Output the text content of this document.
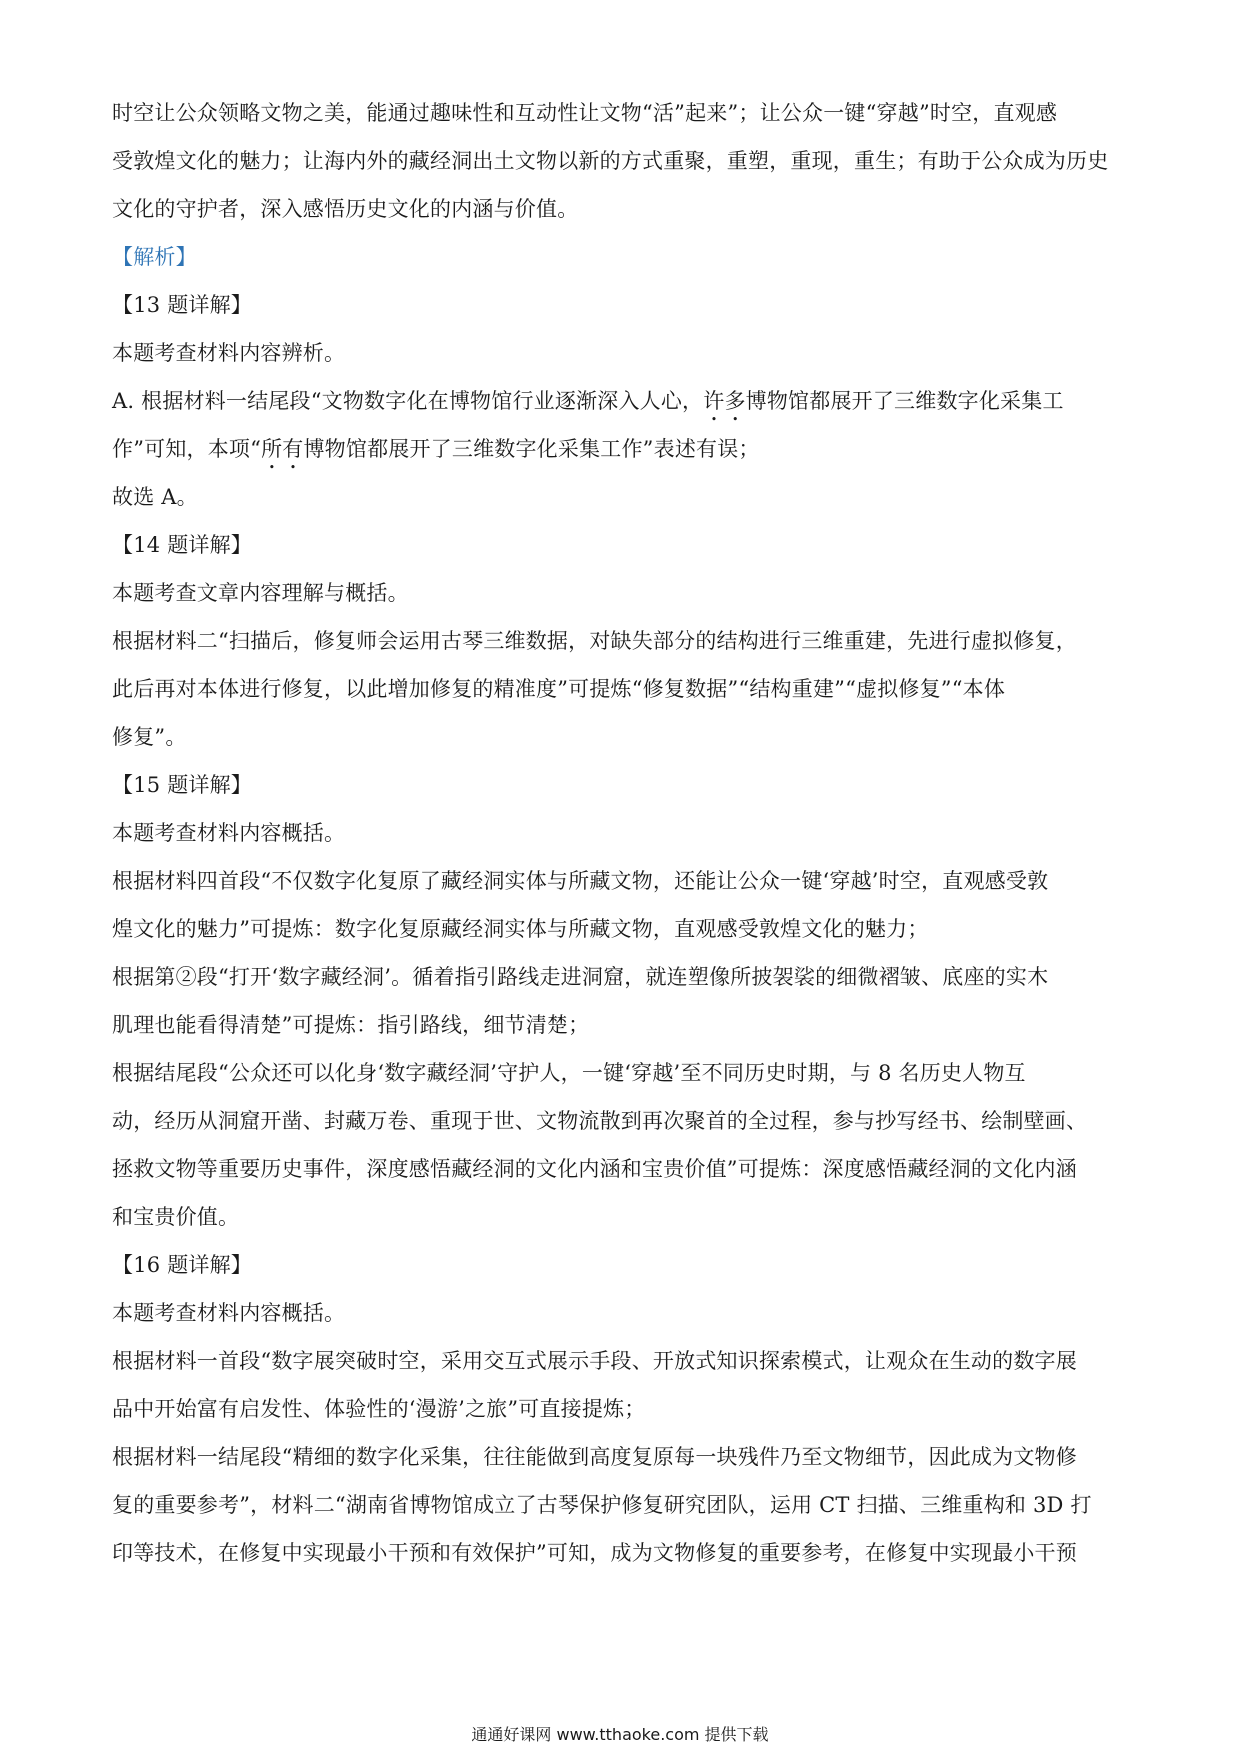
时空让公众领略文物之美，能通过趣味性和互动性让文物“活”起来”；让公众一键“穿越”时空，直观感
受敦煌文化的魅力；让海内外的藏经洞出土文物以新的方式重聚，重塑，重现，重生；有助于公众成为历史
文化的守护者，深入感悟历史文化的内涵与价值。
【解析】
【13 题详解】
本题考查材料内容辨析。
A. 根据材料一结尾段“文物数字化在博物馆行业逐渐深入人心，许多博物馆都展开了三维数字化采集工
作”可知，本项“所有博物馆都展开了三维数字化采集工作”表述有误；
故选 A。
【14 题详解】
本题考查文章内容理解与概括。
根据材料二“扫描后，修复师会运用古琴三维数据，对缺失部分的结构进行三维重建，先进行虚拟修复，
此后再对本体进行修复，以此增加修复的精准度”可提炼“修复数据”“结构重建”“虚拟修复”“本体
修复”。
【15 题详解】
本题考查材料内容概括。
根据材料四首段“不仅数字化复原了藏经洞实体与所藏文物，还能让公众一键‘穿越’时空，直观感受敦
煌文化的魅力”可提炼：数字化复原藏经洞实体与所藏文物，直观感受敦煌文化的魅力；
根据第②段“打开‘数字藏经洞’。循着指引路线走进洞窟，就连塑像所披袈裟的细微褶皱、底座的实木
肌理也能看得清楚”可提炼：指引路线，细节清楚；
根据结尾段“公众还可以化身‘数字藏经洞’守护人，一键‘穿越’至不同历史时期，与 8 名历史人物互
动，经历从洞窟开凿、封藏万卷、重现于世、文物流散到再次聚首的全过程，参与抄写经书、绘制壁画、
拯救文物等重要历史事件，深度感悟藏经洞的文化内涵和宝贵价值”可提炼：深度感悟藏经洞的文化内涵
和宝贵价值。
【16 题详解】
本题考查材料内容概括。
根据材料一首段“数字展突破时空，采用交互式展示手段、开放式知识探索模式，让观众在生动的数字展
品中开始富有启发性、体验性的‘漫游’之旅”可直接提炼；
根据材料一结尾段“精细的数字化采集，往往能做到高度复原每一块残件乃至文物细节，因此成为文物修
复的重要参考”，材料二“湖南省博物馆成立了古琴保护修复研究团队，运用 CT 扫描、三维重构和 3D 打
印等技术，在修复中实现最小干预和有效保护”可知，成为文物修复的重要参考，在修复中实现最小干预
通通好课网 www.tthaoke.com 提供下载
